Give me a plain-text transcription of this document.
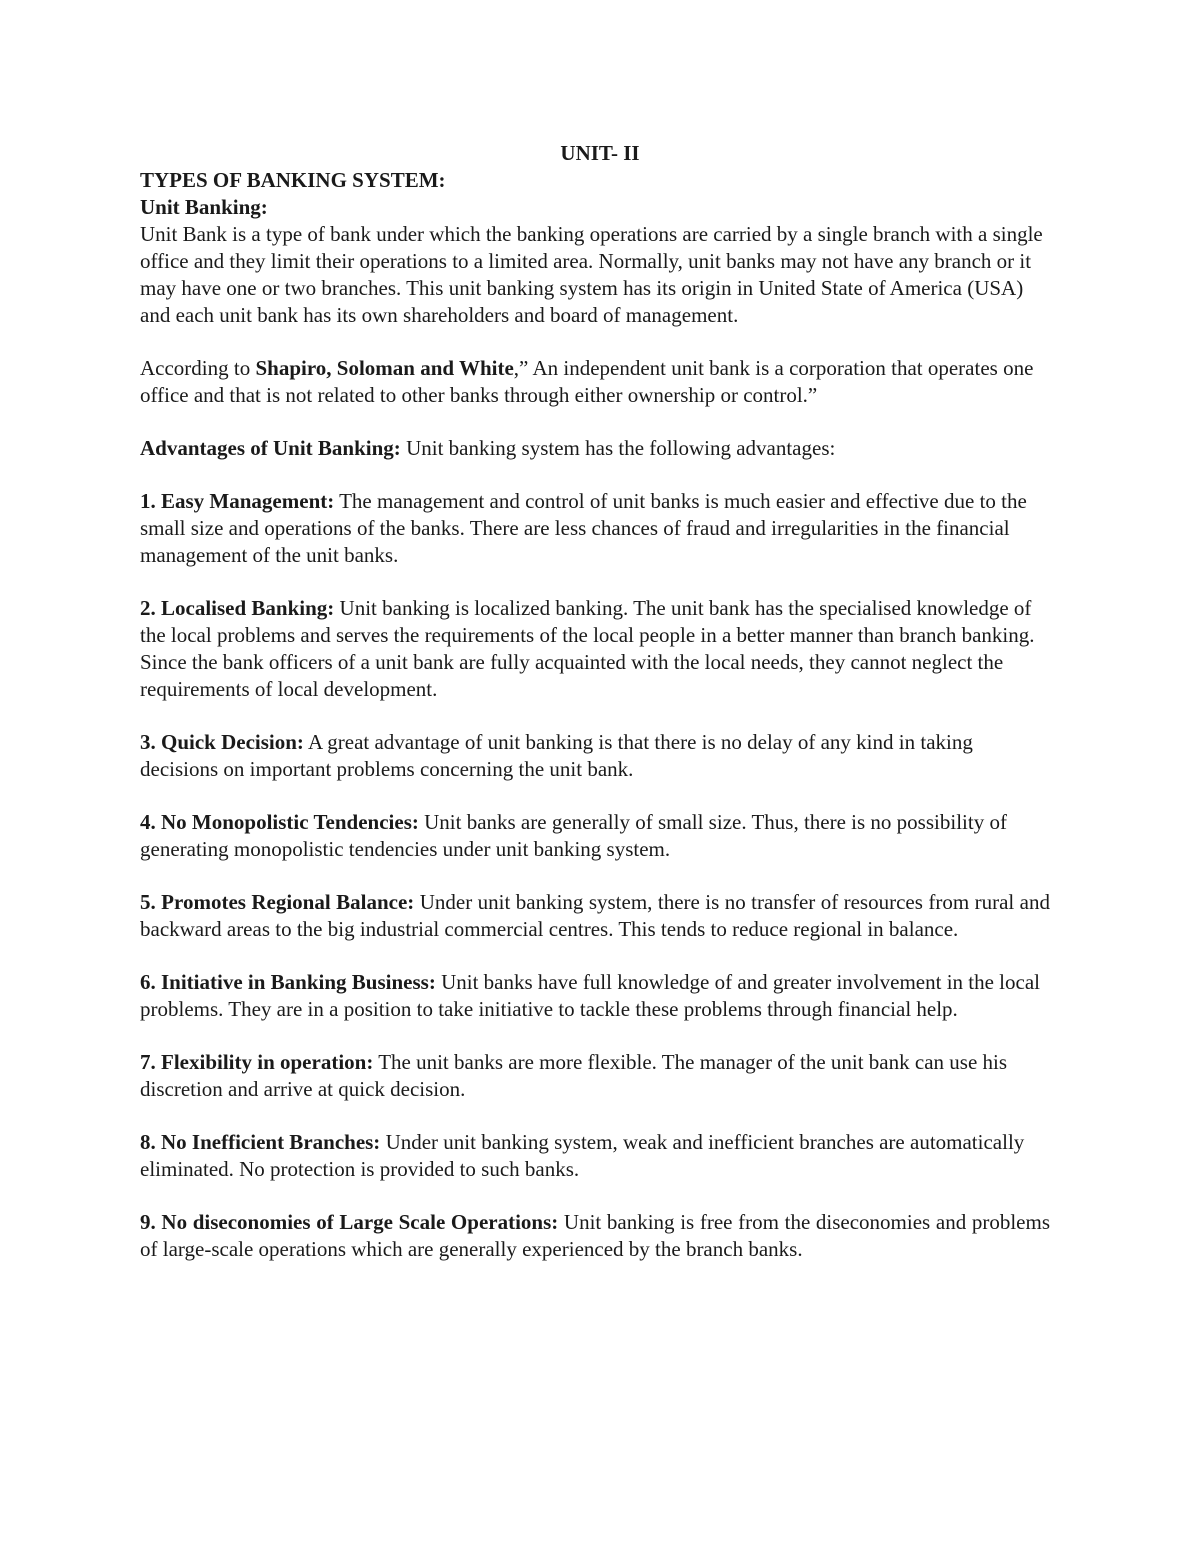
UNIT- II
TYPES OF BANKING SYSTEM:
Unit Banking:

Unit Bank is a type of bank under which the banking operations are carried by a single branch with a single office and they limit their operations to a limited area. Normally, unit banks may not have any branch or it may have one or two branches. This unit banking system has its origin in United State of America (USA) and each unit bank has its own shareholders and board of management.

According to Shapiro, Soloman and White,” An independent unit bank is a corporation that operates one office and that is not related to other banks through either ownership or control.”

Advantages of Unit Banking: Unit banking system has the following advantages:

1. Easy Management: The management and control of unit banks is much easier and effective due to the small size and operations of the banks. There are less chances of fraud and irregularities in the financial management of the unit banks.

2. Localised Banking: Unit banking is localized banking. The unit bank has the specialised knowledge of the local problems and serves the requirements of the local people in a better manner than branch banking. Since the bank officers of a unit bank are fully acquainted with the local needs, they cannot neglect the requirements of local development.

3. Quick Decision: A great advantage of unit banking is that there is no delay of any kind in taking decisions on important problems concerning the unit bank.

4. No Monopolistic Tendencies: Unit banks are generally of small size. Thus, there is no possibility of generating monopolistic tendencies under unit banking system.

5. Promotes Regional Balance: Under unit banking system, there is no transfer of resources from rural and backward areas to the big industrial commercial centres. This tends to reduce regional in balance.

6. Initiative in Banking Business: Unit banks have full knowledge of and greater involvement in the local problems. They are in a position to take initiative to tackle these problems through financial help.

7. Flexibility in operation: The unit banks are more flexible. The manager of the unit bank can use his discretion and arrive at quick decision.

8. No Inefficient Branches: Under unit banking system, weak and inefficient branches are automatically eliminated. No protection is provided to such banks.

9. No diseconomies of Large Scale Operations: Unit banking is free from the diseconomies and problems of large-scale operations which are generally experienced by the branch banks.
